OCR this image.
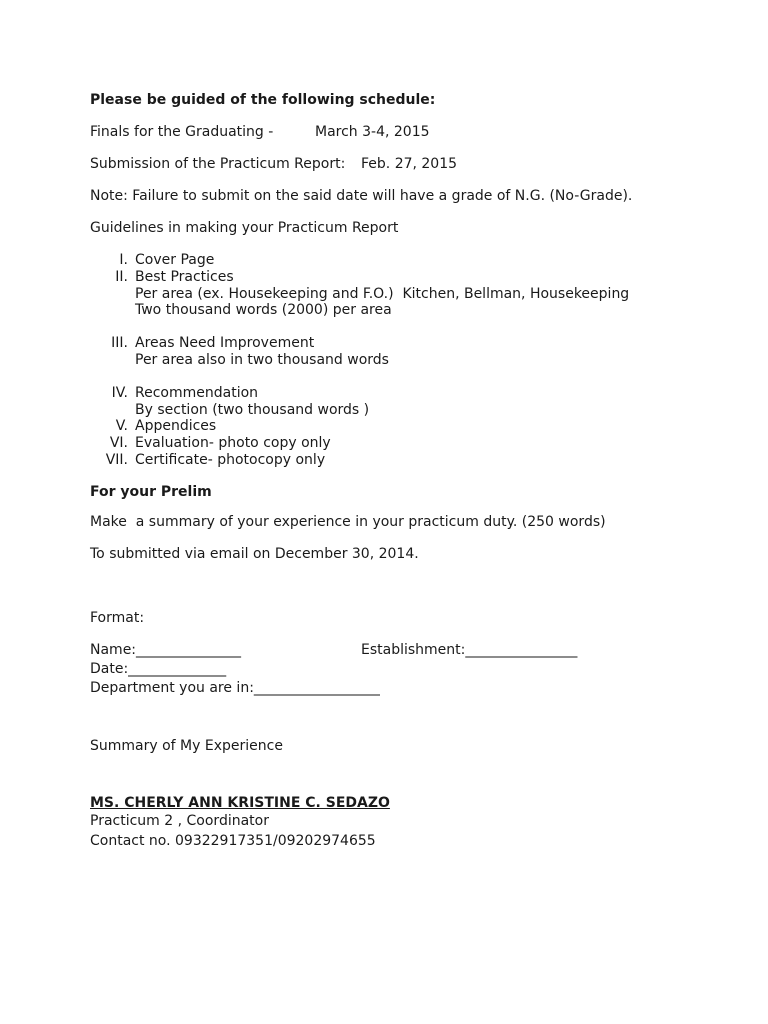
Please be guided of the following schedule:
Finals for the Graduating -	March 3-4, 2015
Submission of the Practicum Report: Feb. 27, 2015
Note: Failure to submit on the said date will have a grade of N.G. (No-Grade).
Guidelines in making your Practicum Report
I. Cover Page
II. Best Practices
Per area (ex. Housekeeping and F.O.)  Kitchen, Bellman, Housekeeping
Two thousand words (2000) per area
III. Areas Need Improvement
Per area also in two thousand words
IV. Recommendation
By section (two thousand words )
V. Appendices
VI. Evaluation- photo copy only
VII. Certificate- photocopy only
For your Prelim
Make  a summary of your experience in your practicum duty. (250 words)
To submitted via email on December 30, 2014.
Format:
Name:_______________	Establishment:________________
Date:______________
Department you are in:__________________
Summary of My Experience
MS. CHERLY ANN KRISTINE C. SEDAZO
Practicum 2 , Coordinator
Contact no. 09322917351/09202974655
